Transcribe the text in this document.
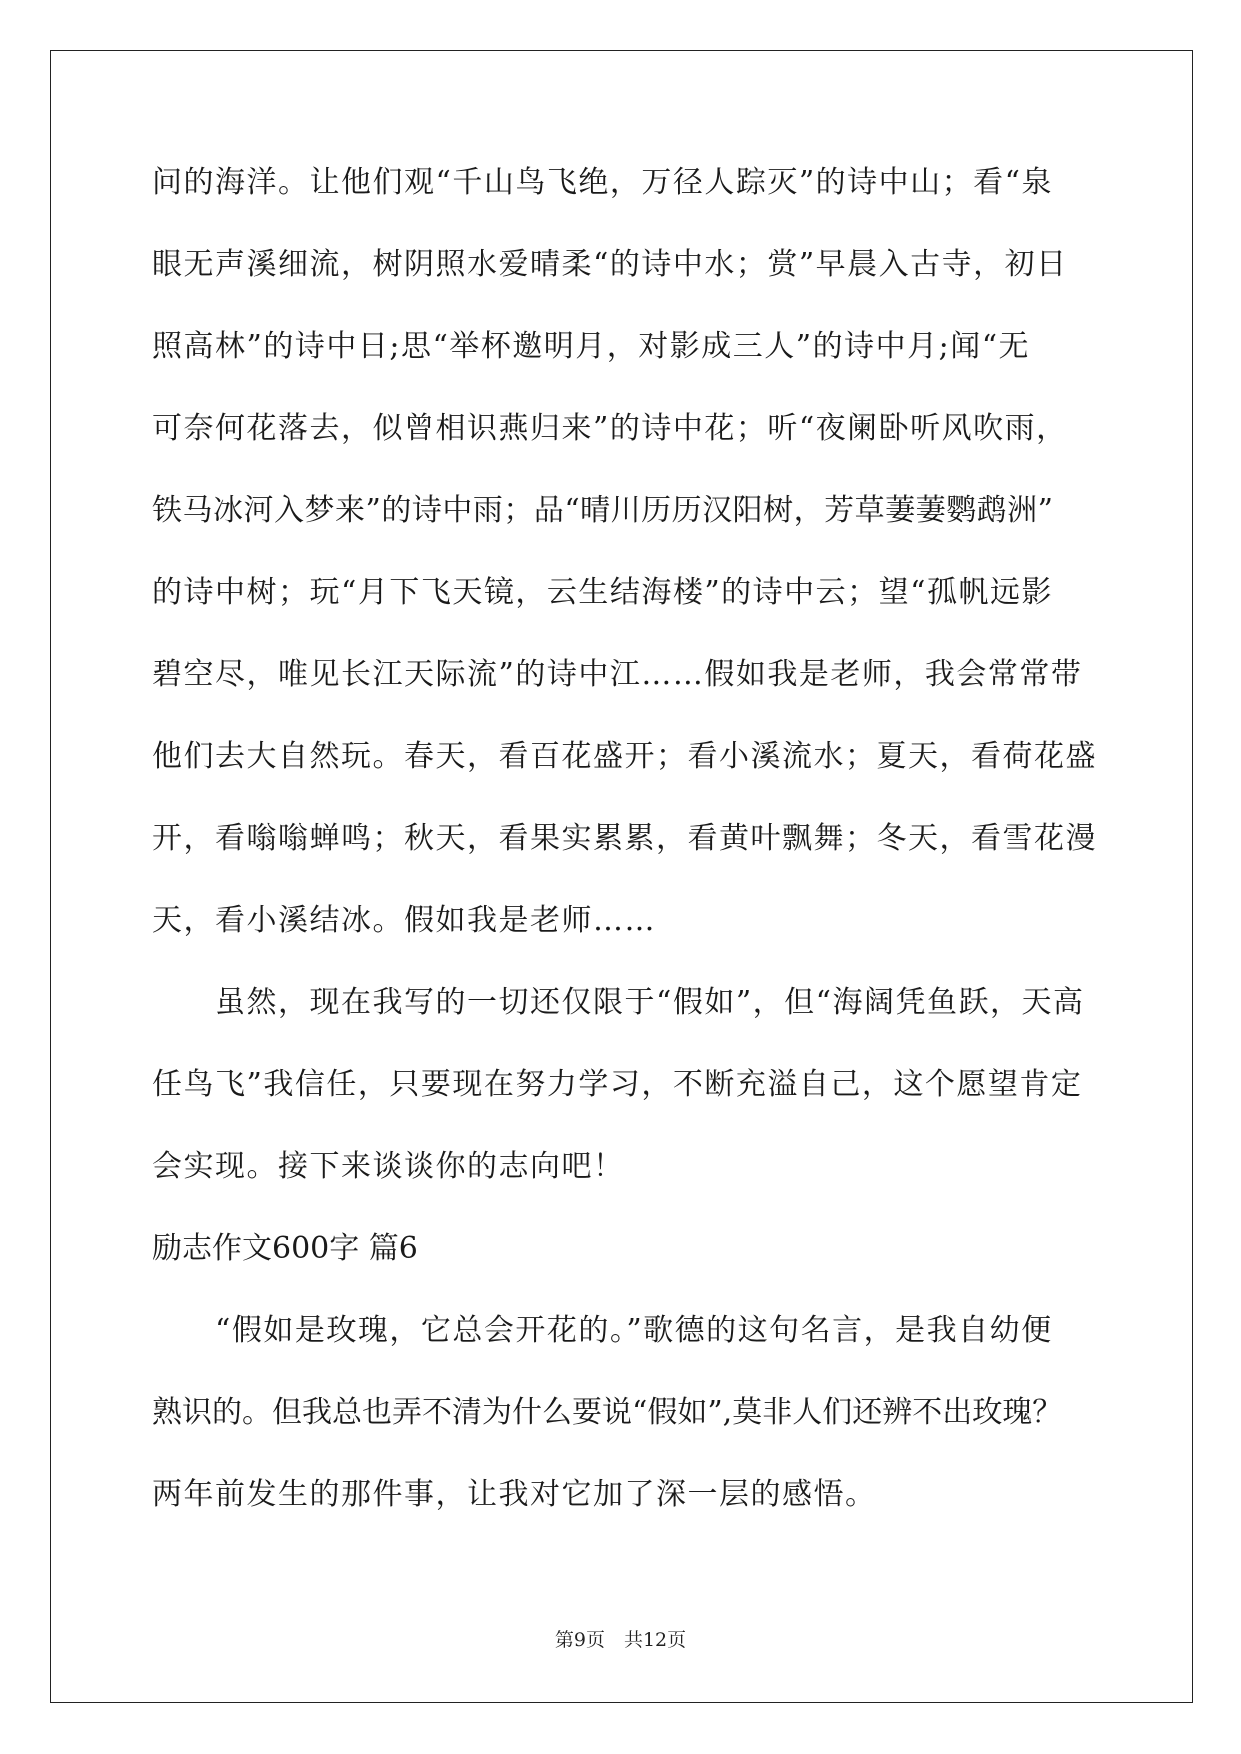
问的海洋。让他们观“千山鸟飞绝，万径人踪灭”的诗中山；看“泉
眼无声溪细流，树阴照水爱晴柔“的诗中水；赏”早晨入古寺，初日
照高林”的诗中日;思“举杯邀明月，对影成三人”的诗中月;闻“无
可奈何花落去，似曾相识燕归来”的诗中花；听“夜阑卧听风吹雨，
铁马冰河入梦来”的诗中雨；品“晴川历历汉阳树，芳草萋萋鹦鹉洲”
的诗中树；玩“月下飞天镜，云生结海楼”的诗中云；望“孤帆远影
碧空尽，唯见长江天际流”的诗中江……假如我是老师，我会常常带
他们去大自然玩。春天，看百花盛开；看小溪流水；夏天，看荷花盛
开，看嗡嗡蝉鸣；秋天，看果实累累，看黄叶飘舞；冬天，看雪花漫
天，看小溪结冰。假如我是老师……
　　虽然，现在我写的一切还仅限于“假如”，但“海阔凭鱼跃，天高
任鸟飞”我信任，只要现在努力学习，不断充溢自己，这个愿望肯定
会实现。接下来谈谈你的志向吧！
励志作文600字 篇6
　　“假如是玫瑰，它总会开花的。”歌德的这句名言，是我自幼便
熟识的。但我总也弄不清为什么要说“假如”,莫非人们还辨不出玫瑰？
两年前发生的那件事，让我对它加了深一层的感悟。
第9页　共12页
